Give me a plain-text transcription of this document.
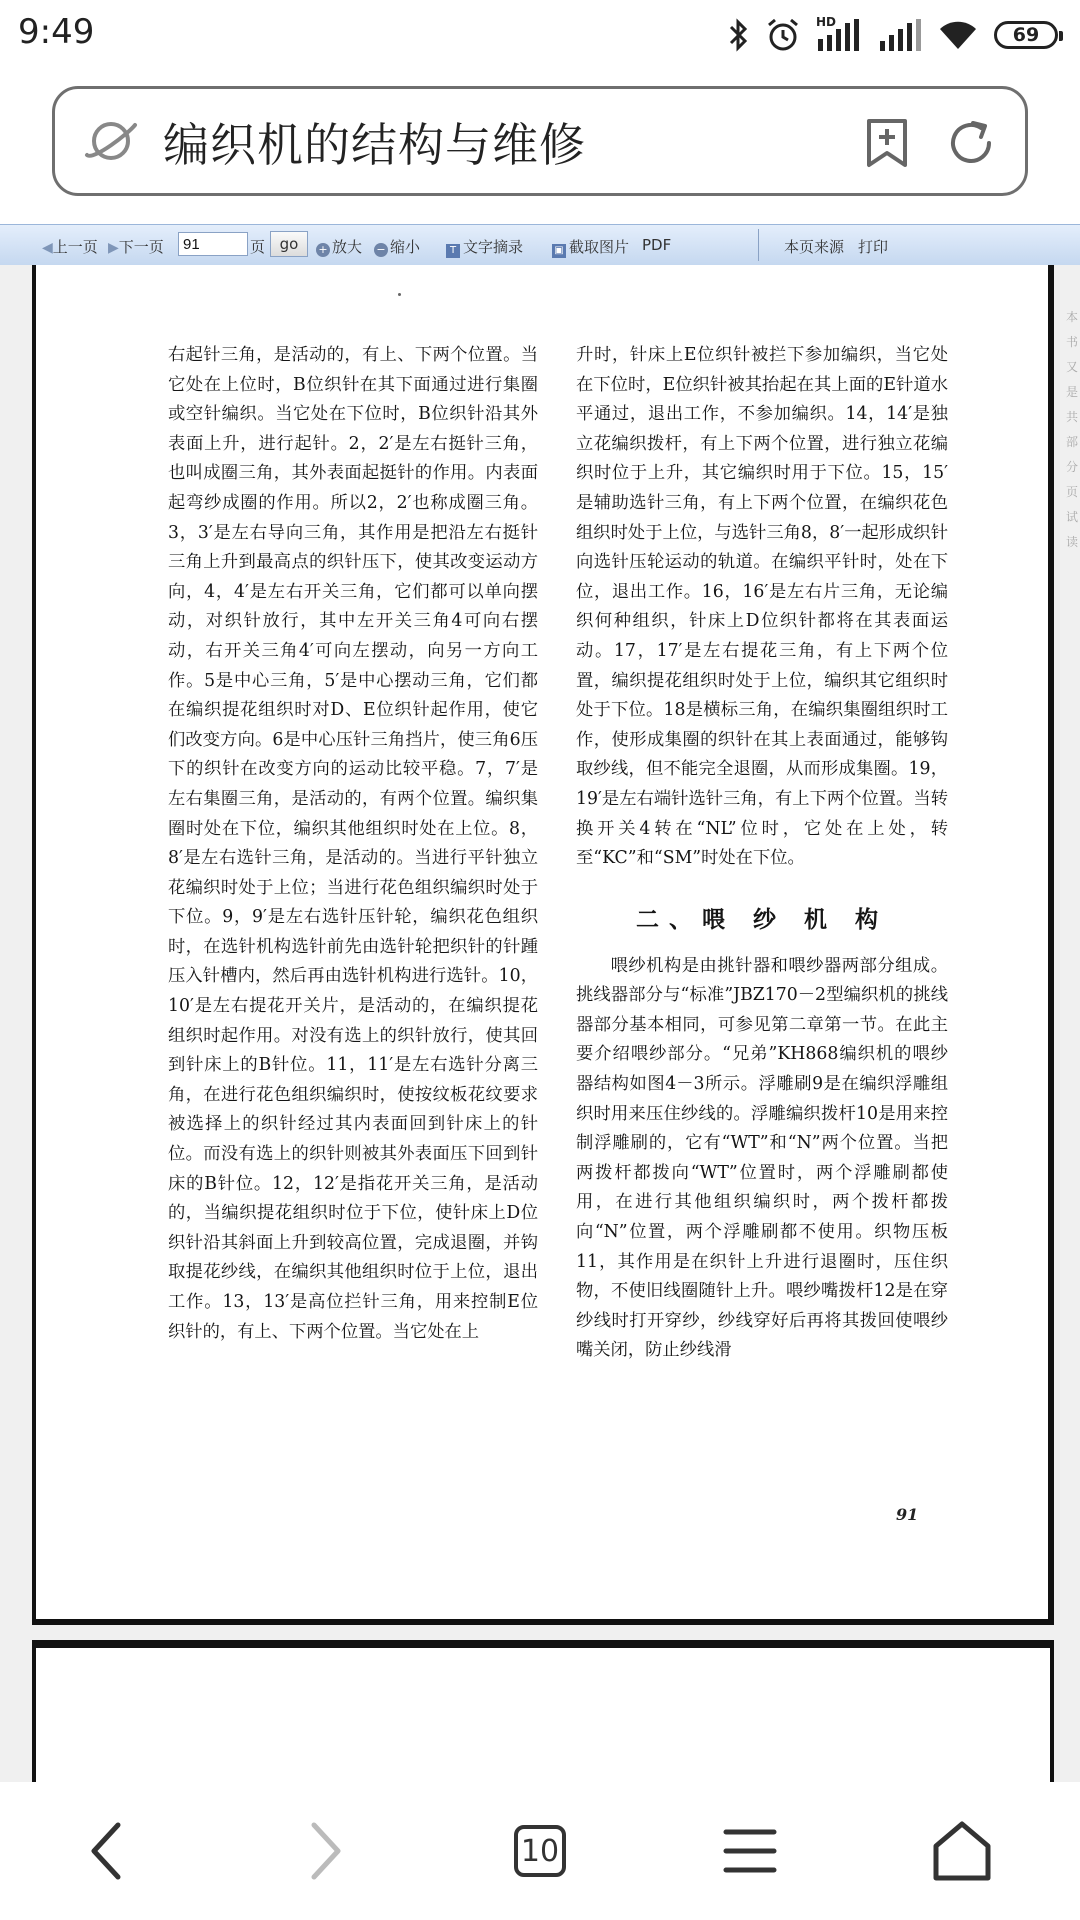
9:49	HD
69
编织机的结构与维修
◀上一页 ▶下一页
91	页 go	+ 放大 − 缩小	T 文字摘录	▣ 截取图片 PDF	本页来源 打印

右起针三角，是活动的，有上、下两个位置。当它处在上位时，B位织针在其下面通过进行集圈或空针编织。当它处在下位时，B位织针沿其外表面上升，进行起针。2，2′是左右挺针三角，也叫成圈三角，其外表面起挺针的作用。内表面起弯纱成圈的作用。所以2，2′也称成圈三角。3，3′是左右导向三角，其作用是把沿左右挺针三角上升到最高点的织针压下，使其改变运动方向，4，4′是左右开关三角，它们都可以单向摆动，对织针放行，其中左开关三角4可向右摆动，右开关三角4′可向左摆动，向另一方向工作。5是中心三角，5′是中心摆动三角，它们都在编织提花组织时对D、E位织针起作用，使它们改变方向。6是中心压针三角挡片，使三角6压下的织针在改变方向的运动比较平稳。7，7′是左右集圈三角，是活动的，有两个位置。编织集圈时处在下位，编织其他组织时处在上位。8，8′是左右选针三角，是活动的。当进行平针独立花编织时处于上位；当进行花色组织编织时处于下位。9，9′是左右选针压针轮，编织花色组织时，在选针机构选针前先由选针轮把织针的针踵压入针槽内，然后再由选针机构进行选针。10，10′是左右提花开关片，是活动的，在编织提花组织时起作用。对没有选上的织针放行，使其回到针床上的B针位。11，11′是左右选针分离三角，在进行花色组织编织时，使按纹板花纹要求被选择上的织针经过其内表面回到针床上的针位。而没有选上的织针则被其外表面压下回到针床的B针位。12，12′是指花开关三角，是活动的，当编织提花组织时位于下位，使针床上D位织针沿其斜面上升到较高位置，完成退圈，并钩取提花纱线，在编织其他组织时位于上位，退出工作。13，13′是高位拦针三角，用来控制E位织针的，有上、下两个位置。当它处在上

升时，针床上E位织针被拦下参加编织，当它处在下位时，E位织针被其抬起在其上面的E针道水平通过，退出工作，不参加编织。14，14′是独立花编织拨杆，有上下两个位置，进行独立花编织时位于上升，其它编织时用于下位。15，15′是辅助选针三角，有上下两个位置，在编织花色组织时处于上位，与选针三角8，8′一起形成织针向选针压轮运动的轨道。在编织平针时，处在下位，退出工作。16，16′是左右片三角，无论编织何种组织，针床上D位织针都将在其表面运动。17，17′是左右提花三角，有上下两个位置，编织提花组织时处于上位，编织其它组织时处于下位。18是横标三角，在编织集圈组织时工作，使形成集圈的织针在其上表面通过，能够钩取纱线，但不能完全退圈，从而形成集圈。19，19′是左右端针选针三角，有上下两个位置。当转换开关4转在“NL”位时，它处在上处，转至“KC”和“SM”时处在下位。

二、喂 纱 机 构

喂纱机构是由挑针器和喂纱器两部分组成。挑线器部分与“标准”JBZ170－2型编织机的挑线器部分基本相同，可参见第二章第一节。在此主要介绍喂纱部分。“兄弟”KH868编织机的喂纱器结构如图4－3所示。浮雕刷9是在编织浮雕组织时用来压住纱线的。浮雕编织拨杆10是用来控制浮雕刷的，它有“WT”和“N”两个位置。当把两拨杆都拨向“WT”位置时，两个浮雕刷都使用，在进行其他组织编织时，两个拨杆都拨向“N”位置，两个浮雕刷都不使用。织物压板11，其作用是在织针上升进行退圈时，压住织物，不使旧线圈随针上升。喂纱嘴拨杆12是在穿纱线时打开穿纱，纱线穿好后再将其拨回使喂纱嘴关闭，防止纱线滑

91
本书又是共部分页试读
10
